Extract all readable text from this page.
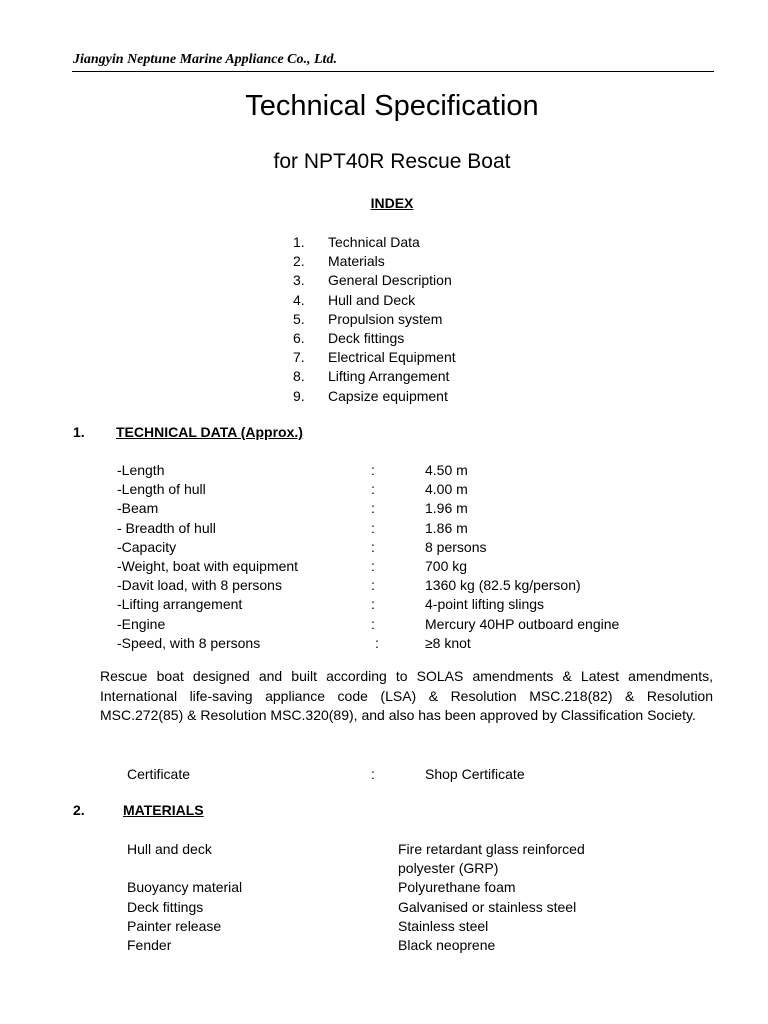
Jiangyin Neptune Marine Appliance Co., Ltd.
Technical Specification
for NPT40R Rescue Boat
INDEX
1. Technical Data
2. Materials
3. General Description
4. Hull and Deck
5. Propulsion system
6. Deck fittings
7. Electrical Equipment
8. Lifting Arrangement
9. Capsize equipment
1. TECHNICAL DATA (Approx.)
-Length	:	4.50 m
-Length of hull	:	4.00 m
-Beam	:	1.96 m
- Breadth of hull	:	1.86 m
-Capacity	:	8 persons
-Weight, boat with equipment	:	700 kg
-Davit load, with 8 persons	:	1360 kg (82.5 kg/person)
-Lifting arrangement	:	4-point lifting slings
-Engine	:	Mercury 40HP outboard engine
-Speed, with 8 persons	:	≥8 knot
Rescue boat designed and built according to SOLAS amendments & Latest amendments, International life-saving appliance code (LSA) & Resolution MSC.218(82) & Resolution MSC.272(85) & Resolution MSC.320(89), and also has been approved by Classification Society.
Certificate	:	Shop Certificate
2.	MATERIALS
Hull and deck	Fire retardant glass reinforced polyester (GRP)
Buoyancy material	Polyurethane foam
Deck fittings	Galvanised or stainless steel
Painter release	Stainless steel
Fender	Black neoprene
